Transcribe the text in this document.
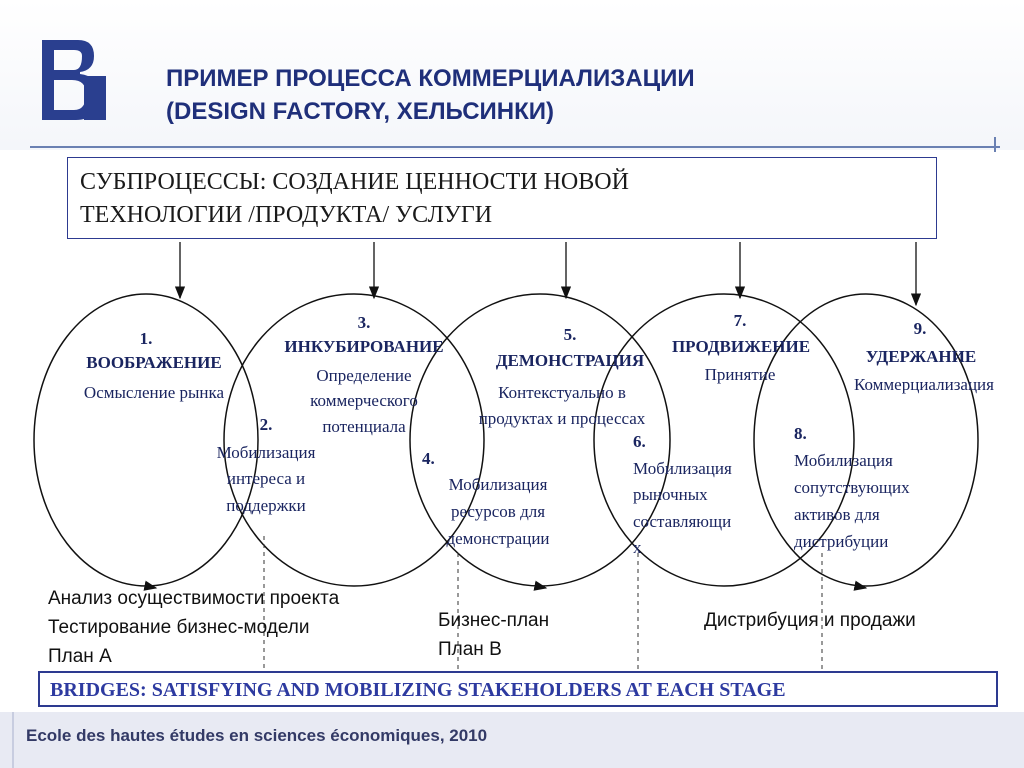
ПРИМЕР ПРОЦЕССА КОММЕРЦИАЛИЗАЦИИ
(DESIGN FACTORY, ХЕЛЬСИНКИ)
СУБПРОЦЕССЫ: СОЗДАНИЕ ЦЕННОСТИ НОВОЙ
ТЕХНОЛОГИИ /ПРОДУКТА/ УСЛУГИ
1.
ВООБРАЖЕНИЕ
Осмысление рынка
3.
ИНКУБИРОВАНИЕ
Определение
коммерческого
потенциала
5.
ДЕМОНСТРАЦИЯ
Контекстуально в
продуктах и процессах
7.
ПРОДВИЖЕНИЕ
Принятие
9.
УДЕРЖАНИЕ
Коммерциализация
2.
Мобилизация
интереса и
поддержки
4.
Мобилизация
ресурсов для
демонстрации
6.
Мобилизация
рыночных
составляющи
х
8.
Мобилизация
сопутствующих
активов для
дистрибуции
Анализ осуществимости проекта
Тестирование бизнес-модели
План А
Бизнес-план
План В
Дистрибуция и продажи
BRIDGES: SATISFYING AND MOBILIZING STAKEHOLDERS AT EACH STAGE
Ecole des hautes études en sciences économiques, 2010
